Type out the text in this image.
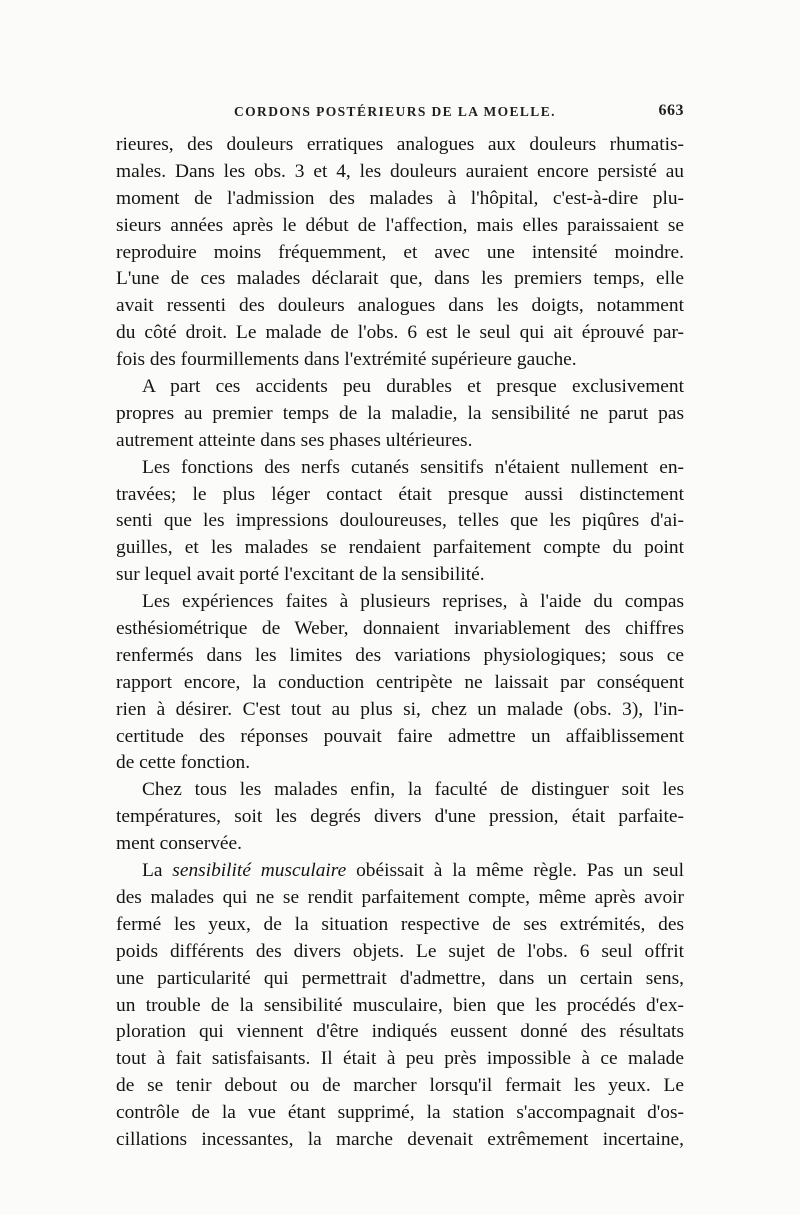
CORDONS POSTÉRIEURS DE LA MOELLE.	663
rieures, des douleurs erratiques analogues aux douleurs rhumatis-
males. Dans les obs. 3 et 4, les douleurs auraient encore persisté au
moment de l'admission des malades à l'hôpital, c'est-à-dire plu-
sieurs années après le début de l'affection, mais elles paraissaient se
reproduire moins fréquemment, et avec une intensité moindre.
L'une de ces malades déclarait que, dans les premiers temps, elle
avait ressenti des douleurs analogues dans les doigts, notamment
du côté droit. Le malade de l'obs. 6 est le seul qui ait éprouvé par-
fois des fourmillements dans l'extrémité supérieure gauche.
A part ces accidents peu durables et presque exclusivement
propres au premier temps de la maladie, la sensibilité ne parut pas
autrement atteinte dans ses phases ultérieures.
Les fonctions des nerfs cutanés sensitifs n'étaient nullement en-
travées; le plus léger contact était presque aussi distinctement
senti que les impressions douloureuses, telles que les piqûres d'ai-
guilles, et les malades se rendaient parfaitement compte du point
sur lequel avait porté l'excitant de la sensibilité.
Les expériences faites à plusieurs reprises, à l'aide du compas
esthésiométrique de Weber, donnaient invariablement des chiffres
renfermés dans les limites des variations physiologiques; sous ce
rapport encore, la conduction centripète ne laissait par conséquent
rien à désirer. C'est tout au plus si, chez un malade (obs. 3), l'in-
certitude des réponses pouvait faire admettre un affaiblissement
de cette fonction.
Chez tous les malades enfin, la faculté de distinguer soit les
températures, soit les degrés divers d'une pression, était parfaite-
ment conservée.
La sensibilité musculaire obéissait à la même règle. Pas un seul
des malades qui ne se rendit parfaitement compte, même après avoir
fermé les yeux, de la situation respective de ses extrémités, des
poids différents des divers objets. Le sujet de l'obs. 6 seul offrit
une particularité qui permettrait d'admettre, dans un certain sens,
un trouble de la sensibilité musculaire, bien que les procédés d'ex-
ploration qui viennent d'être indiqués eussent donné des résultats
tout à fait satisfaisants. Il était à peu près impossible à ce malade
de se tenir debout ou de marcher lorsqu'il fermait les yeux. Le
contrôle de la vue étant supprimé, la station s'accompagnait d'os-
cillations incessantes, la marche devenait extrêmement incertaine,
